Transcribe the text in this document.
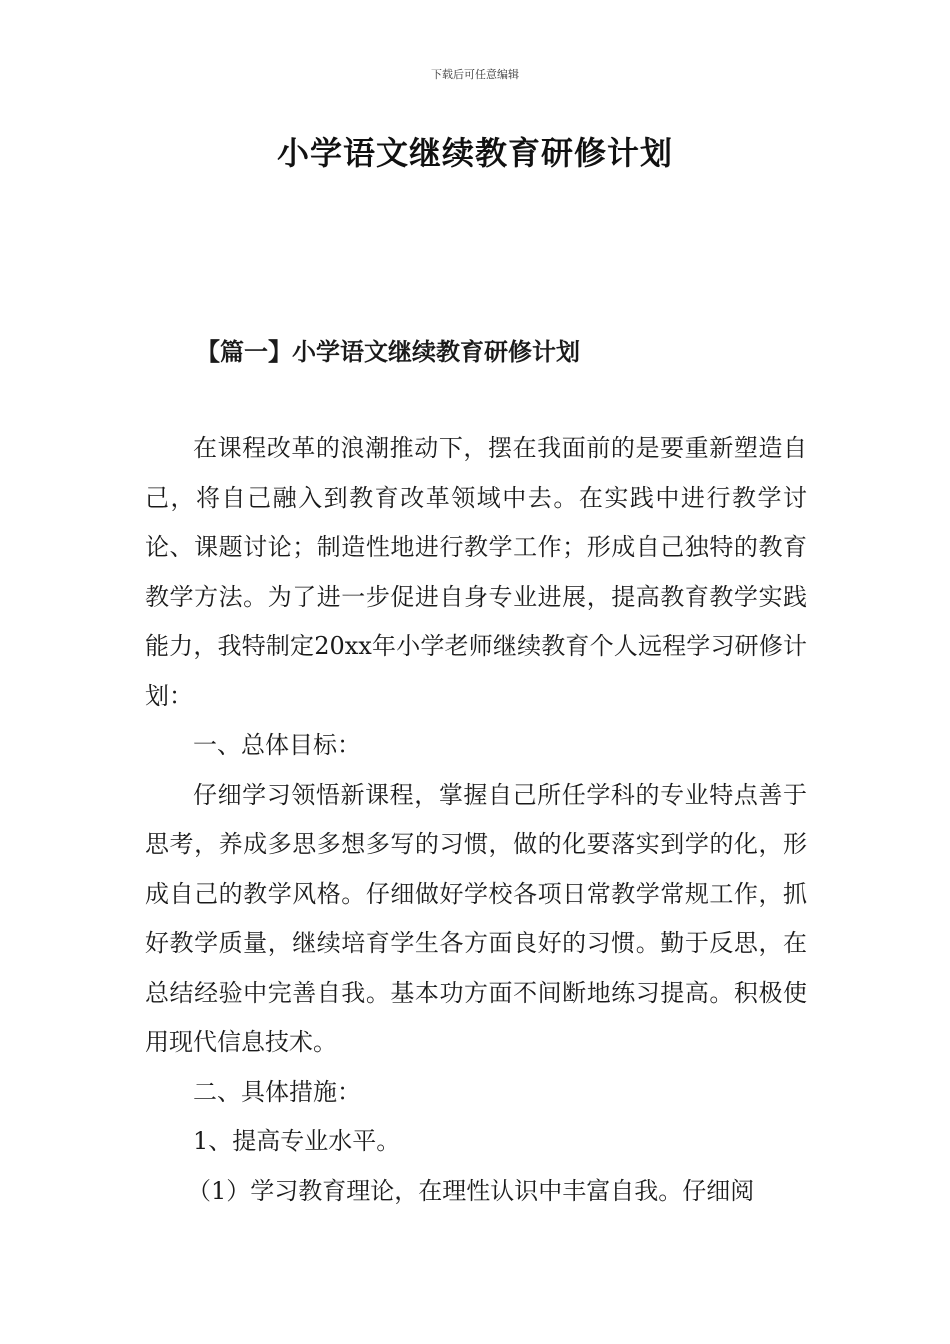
下载后可任意编辑
小学语文继续教育研修计划
【篇一】小学语文继续教育研修计划

在课程改革的浪潮推动下，摆在我面前的是要重新塑造自己，将自己融入到教育改革领域中去。在实践中进行教学讨论、课题讨论；制造性地进行教学工作；形成自己独特的教育教学方法。为了进一步促进自身专业进展，提高教育教学实践能力，我特制定20xx年小学老师继续教育个人远程学习研修计划：

一、总体目标：

仔细学习领悟新课程，掌握自己所任学科的专业特点善于思考，养成多思多想多写的习惯，做的化要落实到学的化，形成自己的教学风格。仔细做好学校各项日常教学常规工作，抓好教学质量，继续培育学生各方面良好的习惯。勤于反思，在总结经验中完善自我。基本功方面不间断地练习提高。积极使用现代信息技术。

二、具体措施：

1、提高专业水平。

（1）学习教育理论，在理性认识中丰富自我。仔细阅
